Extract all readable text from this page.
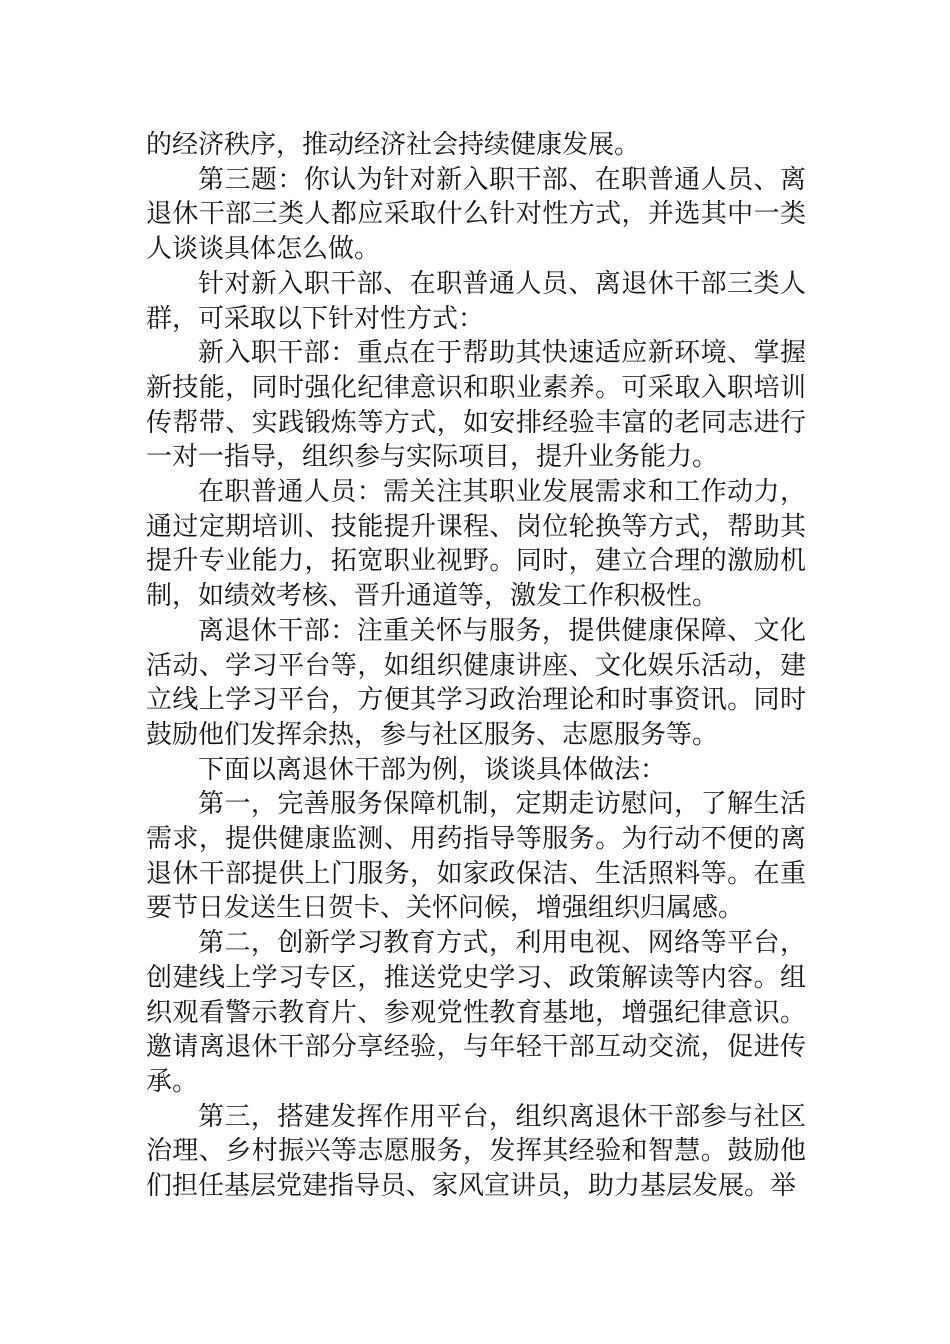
的经济秩序，推动经济社会持续健康发展。

第三题：你认为针对新入职干部、在职普通人员、离退休干部三类人都应采取什么针对性方式，并选其中一类人谈谈具体怎么做。

针对新入职干部、在职普通人员、离退休干部三类人群，可采取以下针对性方式：

新入职干部：重点在于帮助其快速适应新环境、掌握新技能，同时强化纪律意识和职业素养。可采取入职培训传帮带、实践锻炼等方式，如安排经验丰富的老同志进行一对一指导，组织参与实际项目，提升业务能力。

在职普通人员：需关注其职业发展需求和工作动力，通过定期培训、技能提升课程、岗位轮换等方式，帮助其提升专业能力，拓宽职业视野。同时，建立合理的激励机制，如绩效考核、晋升通道等，激发工作积极性。

离退休干部：注重关怀与服务，提供健康保障、文化活动、学习平台等，如组织健康讲座、文化娱乐活动，建立线上学习平台，方便其学习政治理论和时事资讯。同时鼓励他们发挥余热，参与社区服务、志愿服务等。

下面以离退休干部为例，谈谈具体做法：

第一，完善服务保障机制，定期走访慰问，了解生活需求，提供健康监测、用药指导等服务。为行动不便的离退休干部提供上门服务，如家政保洁、生活照料等。在重要节日发送生日贺卡、关怀问候，增强组织归属感。

第二，创新学习教育方式，利用电视、网络等平台，创建线上学习专区，推送党史学习、政策解读等内容。组织观看警示教育片、参观党性教育基地，增强纪律意识。邀请离退休干部分享经验，与年轻干部互动交流，促进传承。

第三，搭建发挥作用平台，组织离退休干部参与社区治理、乡村振兴等志愿服务，发挥其经验和智慧。鼓励他们担任基层党建指导员、家风宣讲员，助力基层发展。举
